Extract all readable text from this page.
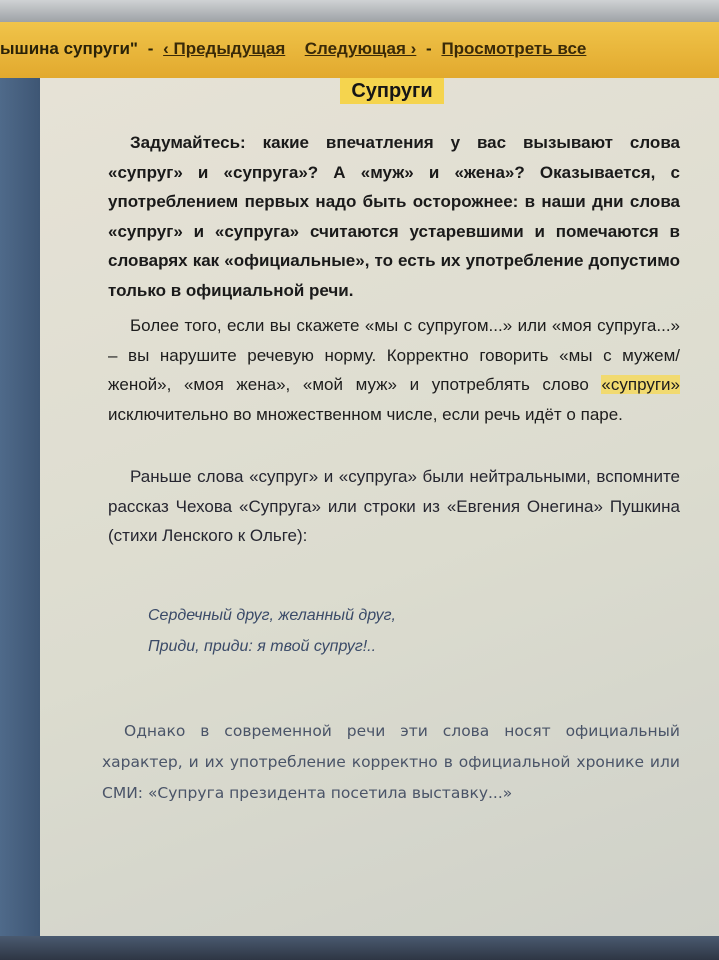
ышина супруги" - ‹ Предыдущая Следующая › - Просмотреть все
Супруги
Задумайтесь: какие впечатления у вас вызывают слова «супруг» и «супруга»? А «муж» и «жена»? Оказывается, с употреблением первых надо быть осторожнее: в наши дни слова «супруг» и «супруга» считаются устаревшими и помечаются в словарях как «официальные», то есть их употребление допустимо только в официальной речи.
Более того, если вы скажете «мы с супругом...» или «моя супруга...» – вы нарушите речевую норму. Корректно говорить «мы с мужем/женой», «моя жена», «мой муж» и употреблять слово «супруги» исключительно во множественном числе, если речь идёт о паре.
Раньше слова «супруг» и «супруга» были нейтральными, вспомните рассказ Чехова «Супруга» или строки из «Евгения Онегина» Пушкина (стихи Ленского к Ольге):
Сердечный друг, желанный друг,
Приди, приди: я твой супруг!..
Однако в современной речи эти слова носят официальный характер, и их употребление корректно в официальной хронике или СМИ: «Супруга президента посетила выставку...»
